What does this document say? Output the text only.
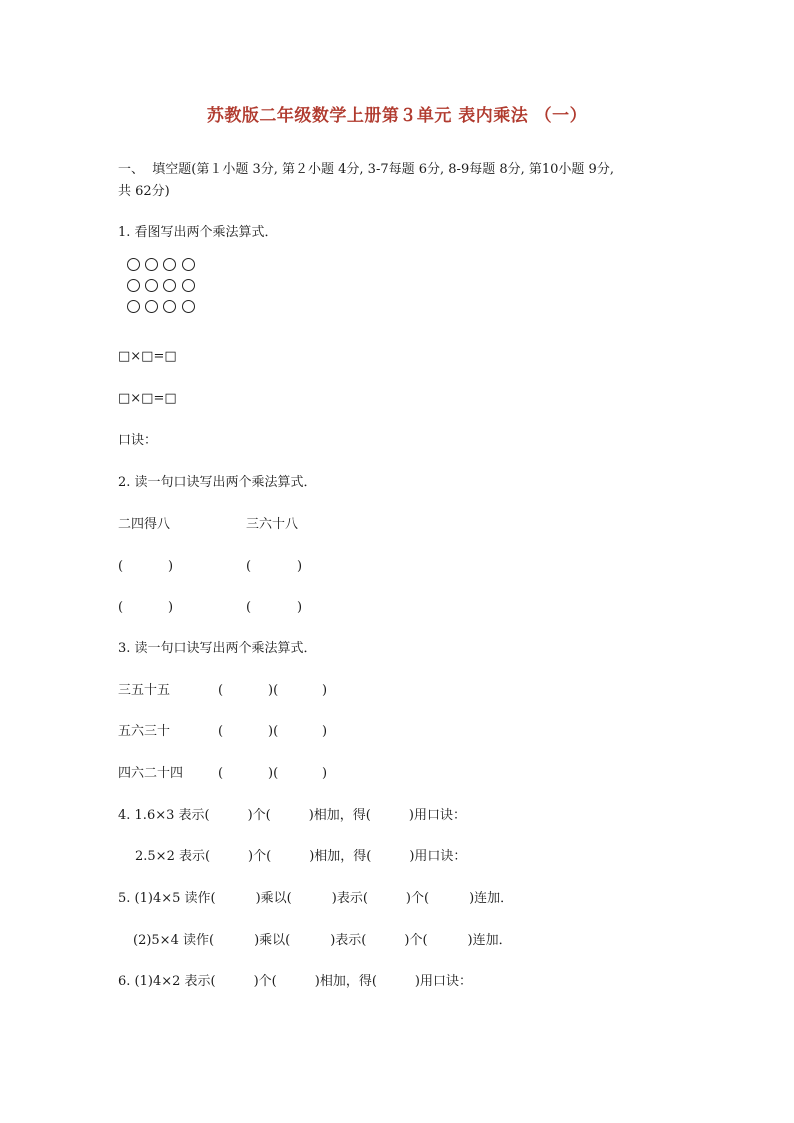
苏教版二年级数学上册第３单元 表内乘法 （一）
一、  填空题(第１小题 3分, 第２小题 4分, 3-7每题 6分, 8-9每题 8分, 第10小题 9分,
共 62分)
1. 看图写出两个乘法算式．
□×□=□
□×□=□
口诀：
2. 读一句口诀写出两个乘法算式．
二四得八	三六十八
(	)	(	)
(	)	(	)
3. 读一句口诀写出两个乘法算式．
三五十五	(	)(	)
五六三十	(	)(	)
四六二十四	(	)(	)
4. 1.6×3 表示(	)个(	)相加，得(	)用口诀：
2.5×2 表示(	)个(	)相加，得(	)用口诀：
5. (1)4×5 读作(	)乘以(	)表示(	)个(	)连加．
(2)5×4 读作(	)乘以(	)表示(	)个(	)连加．
6. (1)4×2 表示(	)个(	)相加，得(	)用口诀：
